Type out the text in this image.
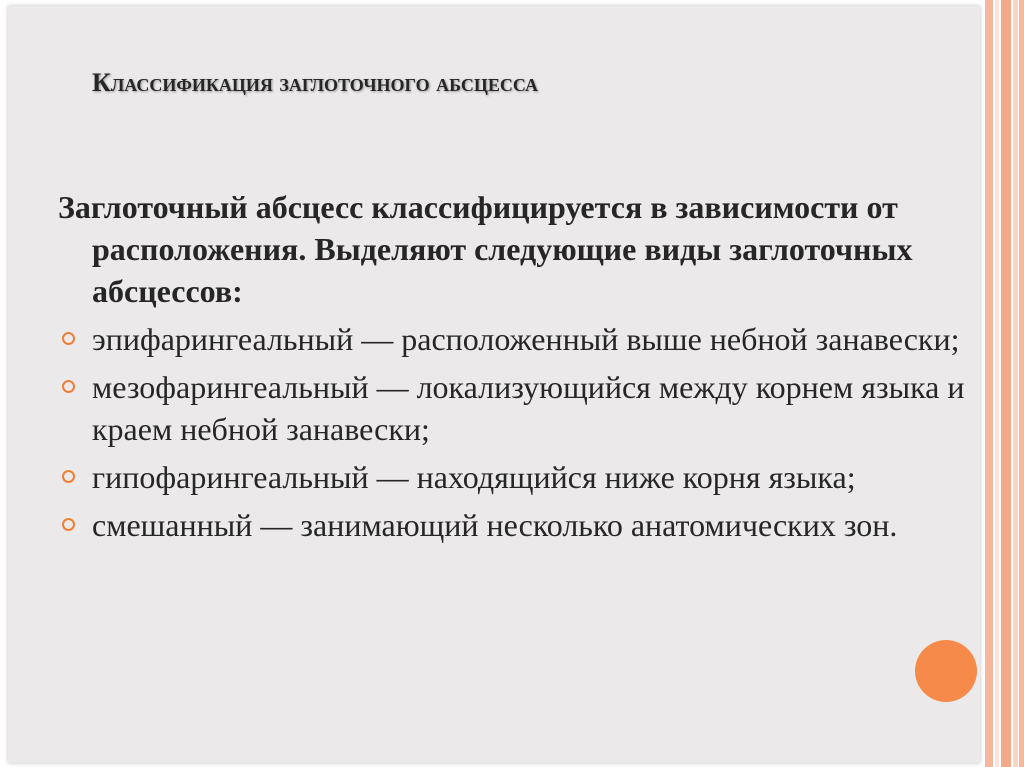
Классификация заглоточного абсцесса

Заглоточный абсцесс классифицируется в зависимости от расположения. Выделяют следующие виды заглоточных абсцессов:

эпифарингеальный — расположенный выше небной занавески;
мезофарингеальный — локализующийся между корнем языка и краем небной занавески;
гипофарингеальный — находящийся ниже корня языка;
смешанный — занимающий несколько анатомических зон.
